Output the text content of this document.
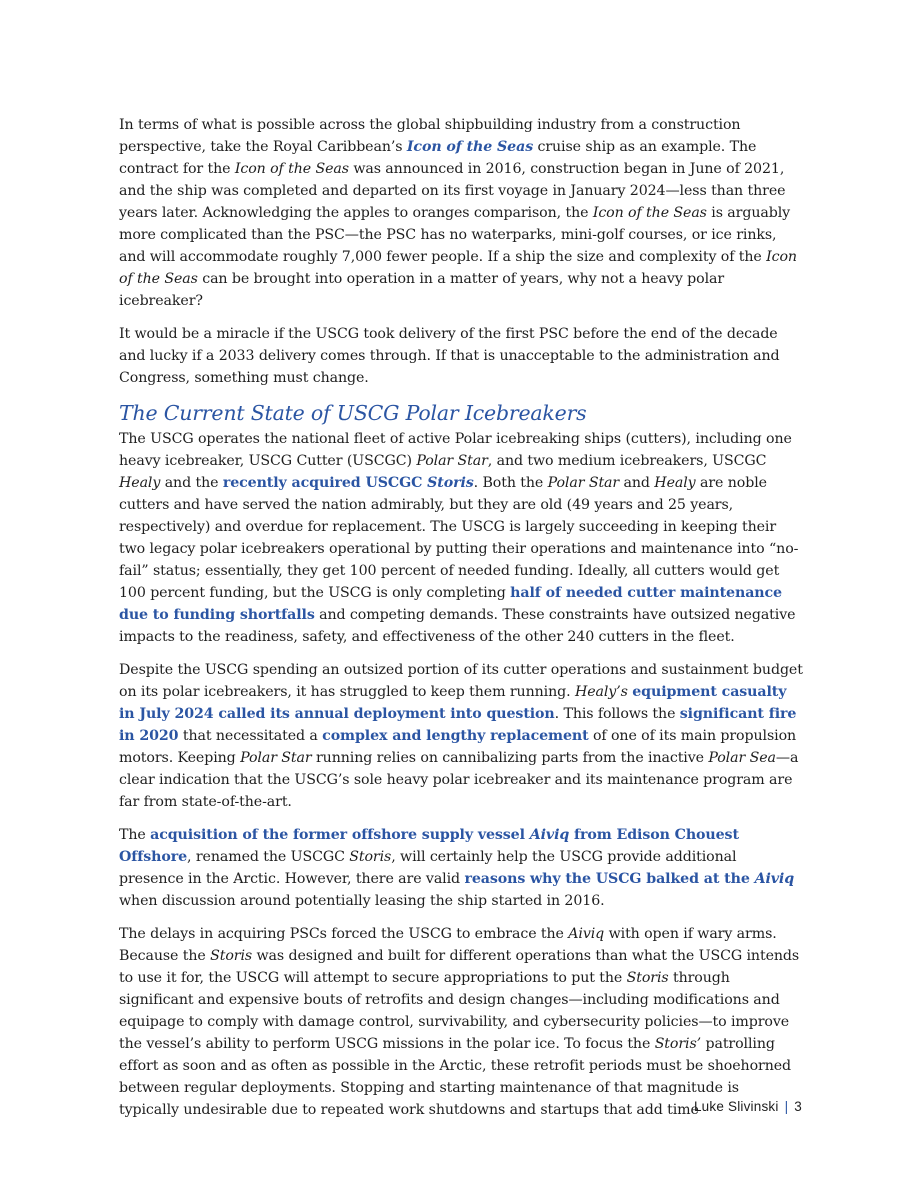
In terms of what is possible across the global shipbuilding industry from a construction perspective, take the Royal Caribbean’s Icon of the Seas cruise ship as an example. The contract for the Icon of the Seas was announced in 2016, construction began in June of 2021, and the ship was completed and departed on its first voyage in January 2024—less than three years later. Acknowledging the apples to oranges comparison, the Icon of the Seas is arguably more complicated than the PSC—the PSC has no waterparks, mini-golf courses, or ice rinks, and will accommodate roughly 7,000 fewer people. If a ship the size and complexity of the Icon of the Seas can be brought into operation in a matter of years, why not a heavy polar icebreaker?

It would be a miracle if the USCG took delivery of the first PSC before the end of the decade and lucky if a 2033 delivery comes through. If that is unacceptable to the administration and Congress, something must change.

The Current State of USCG Polar Icebreakers

The USCG operates the national fleet of active Polar icebreaking ships (cutters), including one heavy icebreaker, USCG Cutter (USCGC) Polar Star, and two medium icebreakers, USCGC Healy and the recently acquired USCGC Storis. Both the Polar Star and Healy are noble cutters and have served the nation admirably, but they are old (49 years and 25 years, respectively) and overdue for replacement. The USCG is largely succeeding in keeping their two legacy polar icebreakers operational by putting their operations and maintenance into “no-fail” status; essentially, they get 100 percent of needed funding. Ideally, all cutters would get 100 percent funding, but the USCG is only completing half of needed cutter maintenance due to funding shortfalls and competing demands. These constraints have outsized negative impacts to the readiness, safety, and effectiveness of the other 240 cutters in the fleet.

Despite the USCG spending an outsized portion of its cutter operations and sustainment budget on its polar icebreakers, it has struggled to keep them running. Healy’s equipment casualty in July 2024 called its annual deployment into question. This follows the significant fire in 2020 that necessitated a complex and lengthy replacement of one of its main propulsion motors. Keeping Polar Star running relies on cannibalizing parts from the inactive Polar Sea—a clear indication that the USCG’s sole heavy polar icebreaker and its maintenance program are far from state-of-the-art.

The acquisition of the former offshore supply vessel Aiviq from Edison Chouest Offshore, renamed the USCGC Storis, will certainly help the USCG provide additional presence in the Arctic. However, there are valid reasons why the USCG balked at the Aiviq when discussion around potentially leasing the ship started in 2016.

The delays in acquiring PSCs forced the USCG to embrace the Aiviq with open if wary arms. Because the Storis was designed and built for different operations than what the USCG intends to use it for, the USCG will attempt to secure appropriations to put the Storis through significant and expensive bouts of retrofits and design changes—including modifications and equipage to comply with damage control, survivability, and cybersecurity policies—to improve the vessel’s ability to perform USCG missions in the polar ice. To focus the Storis’ patrolling effort as soon and as often as possible in the Arctic, these retrofit periods must be shoehorned between regular deployments. Stopping and starting maintenance of that magnitude is typically undesirable due to repeated work shutdowns and startups that add time

Luke Slivinski | 3
